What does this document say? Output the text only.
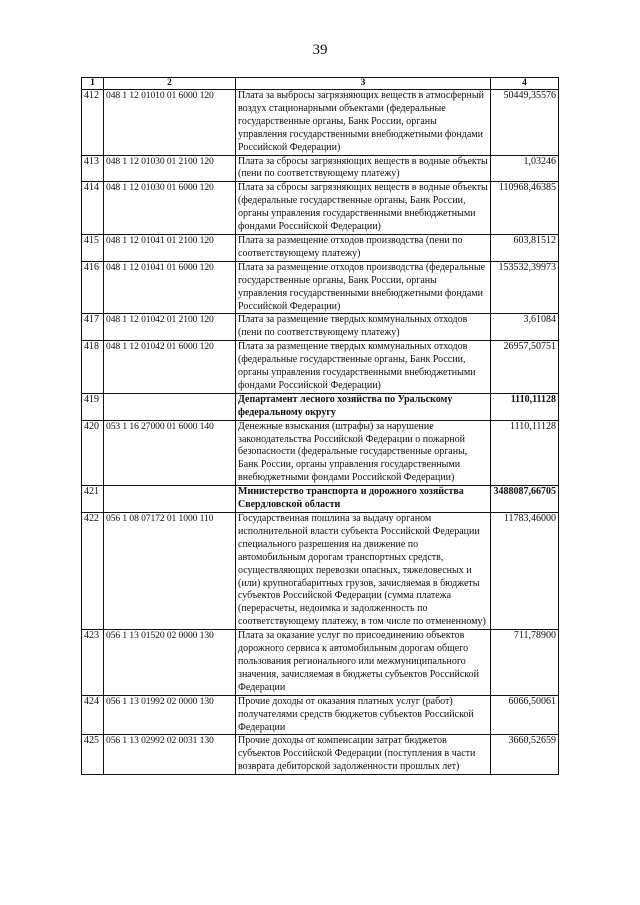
39
1	2	3	4
412	048 1 12 01010 01 6000 120	Плата за выбросы загрязняющих веществ в атмосферный воздух стационарными объектами (федеральные государственные органы, Банк России, органы управления государственными внебюджетными фондами Российской Федерации)	50449,35576
413	048 1 12 01030 01 2100 120	Плата за сбросы загрязняющих веществ в водные объекты (пени по соответствующему платежу)	1,03246
414	048 1 12 01030 01 6000 120	Плата за сбросы загрязняющих веществ в водные объекты (федеральные государственные органы, Банк России, органы управления государственными внебюджетными фондами Российской Федерации)	110968,46385
415	048 1 12 01041 01 2100 120	Плата за размещение отходов производства (пени по соответствующему платежу)	603,81512
416	048 1 12 01041 01 6000 120	Плата за размещение отходов производства (федеральные государственные органы, Банк России, органы управления государственными внебюджетными фондами Российской Федерации)	153532,39973
417	048 1 12 01042 01 2100 120	Плата за размещение твердых коммунальных отходов (пени по соответствующему платежу)	3,61084
418	048 1 12 01042 01 6000 120	Плата за размещение твердых коммунальных отходов (федеральные государственные органы, Банк России, органы управления государственными внебюджетными фондами Российской Федерации)	26957,50751
419		Департамент лесного хозяйства по Уральскому федеральному округу	1110,11128
420	053 1 16 27000 01 6000 140	Денежные взыскания (штрафы) за нарушение законодательства Российской Федерации о пожарной безопасности (федеральные государственные органы, Банк России, органы управления государственными внебюджетными фондами Российской Федерации)	1110,11128
421		Министерство транспорта и дорожного хозяйства Свердловской области	3488087,66705
422	056 1 08 07172 01 1000 110	Государственная пошлина за выдачу органом исполнительной власти субъекта Российской Федерации специального разрешения на движение по автомобильным дорогам транспортных средств, осуществляющих перевозки опасных, тяжеловесных и (или) крупногабаритных грузов, зачисляемая в бюджеты субъектов Российской Федерации (сумма платежа (перерасчеты, недоимка и задолженность по соответствующему платежу, в том числе по отмененному)	11783,46000
423	056 1 13 01520 02 0000 130	Плата за оказание услуг по присоединению объектов дорожного сервиса к автомобильным дорогам общего пользования регионального или межмуниципального значения, зачисляемая в бюджеты субъектов Российской Федерации	711,78900
424	056 1 13 01992 02 0000 130	Прочие доходы от оказания платных услуг (работ) получателями средств бюджетов субъектов Российской Федерации	6066,50061
425	056 1 13 02992 02 0031 130	Прочие доходы от компенсации затрат бюджетов субъектов Российской Федерации (поступления в части возврата дебиторской задолженности прошлых лет)	3660,52659
